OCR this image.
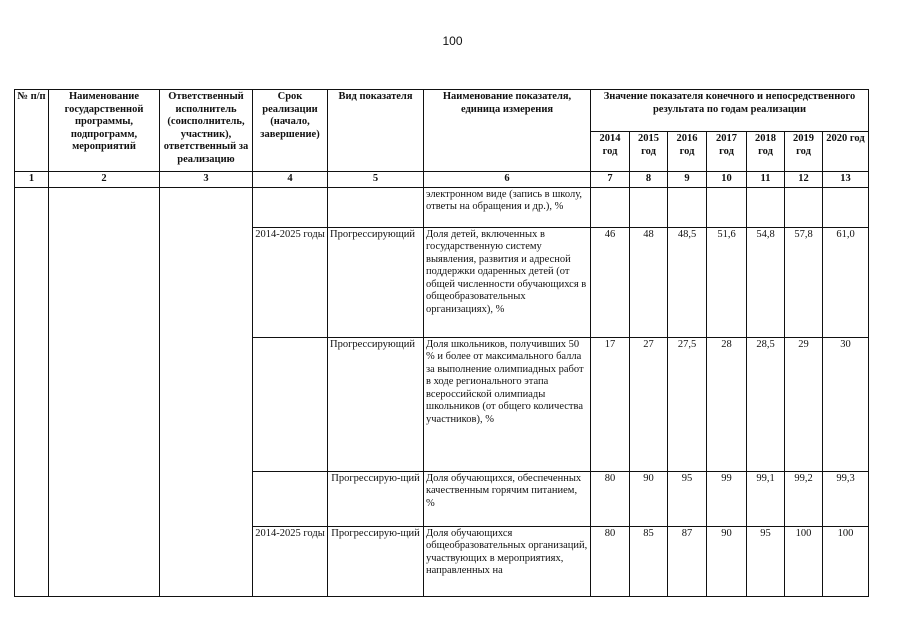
100
№ п/п	Наименование государственной программы, подпрограмм, мероприятий	Ответственный исполнитель (соисполнитель, участник), ответственный за реализацию	Срок реализации (начало, завершение)	Вид показателя	Наименование показателя, единица измерения	Значение показателя конечного и непосредственного результата по годам реализации						
						2014 год	2015 год	2016 год	2017 год	2018 год	2019 год	2020 год
1	2	3	4	5	6	7	8	9	10	11	12	13
					электронном виде (запись в школу, ответы на обращения и др.), %							
			2014-2025 годы	Прогрессирующий	Доля детей, включенных в государственную систему выявления, развития и адресной поддержки одаренных детей (от общей численности обучающихся в общеобразовательных организациях), %	46	48	48,5	51,6	54,8	57,8	61,0
				Прогрессирующий	Доля школьников, получивших 50 % и более от максимального балла за выполнение олимпиадных работ в ходе регионального этапа всероссийской олимпиады школьников (от общего количества участников), %	17	27	27,5	28	28,5	29	30
				Прогрессирую-щий	Доля обучающихся, обеспеченных качественным горячим питанием, %	80	90	95	99	99,1	99,2	99,3
			2014-2025 годы	Прогрессирую-щий	Доля обучающихся общеобразовательных организаций, участвующих в мероприятиях, направленных на	80	85	87	90	95	100	100
